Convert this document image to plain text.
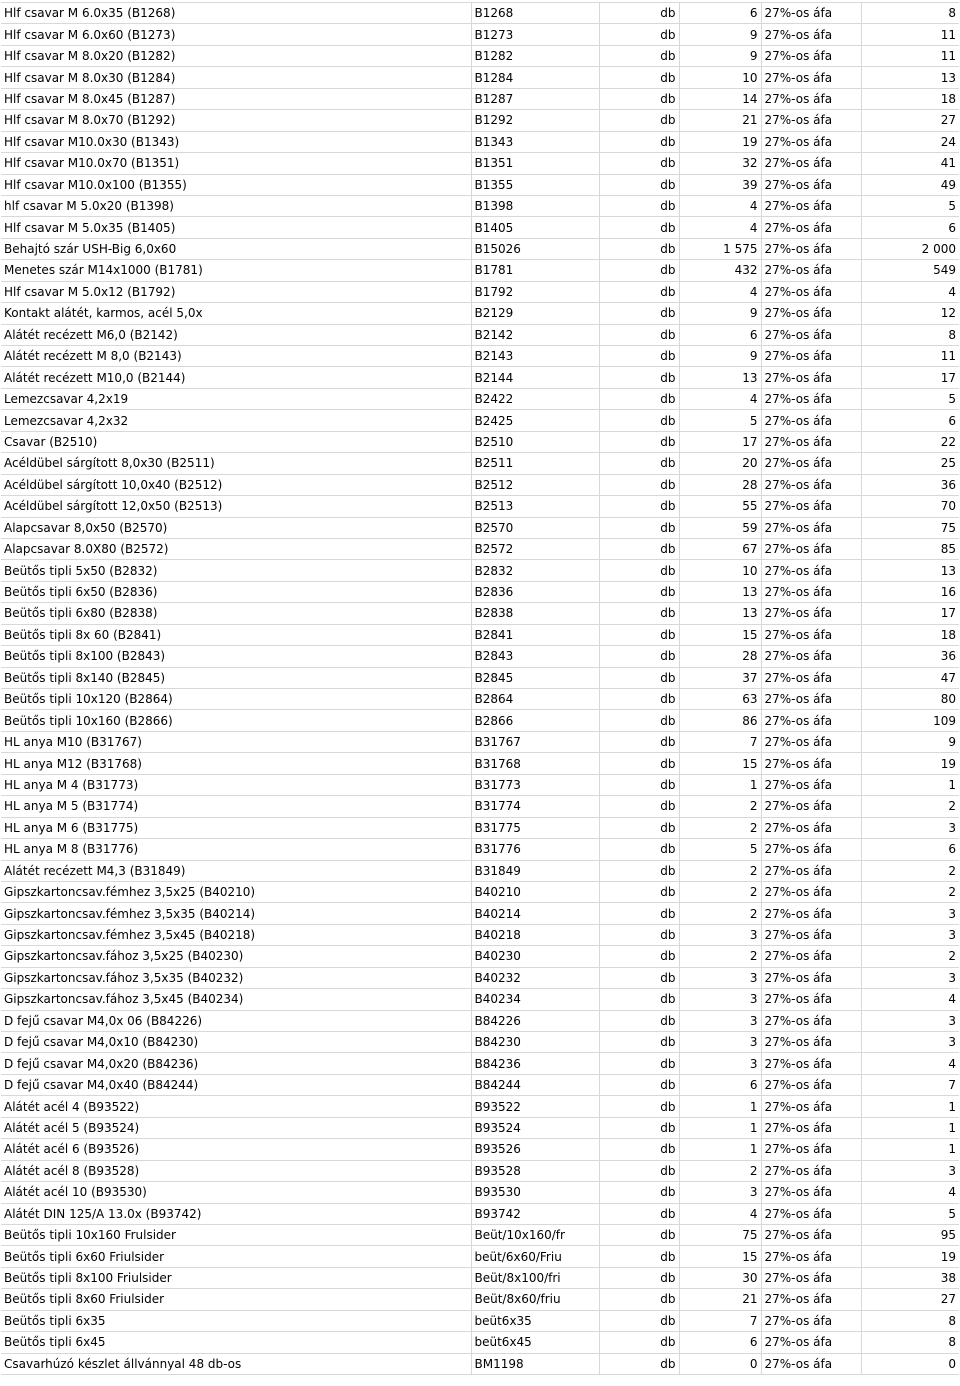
Hlf csavar M 6.0x35 (B1268)	B1268	db	6	27%-os áfa	8
Hlf csavar M 6.0x60 (B1273)	B1273	db	9	27%-os áfa	11
Hlf csavar M 8.0x20 (B1282)	B1282	db	9	27%-os áfa	11
Hlf csavar M 8.0x30 (B1284)	B1284	db	10	27%-os áfa	13
Hlf csavar M 8.0x45 (B1287)	B1287	db	14	27%-os áfa	18
Hlf csavar M 8.0x70 (B1292)	B1292	db	21	27%-os áfa	27
Hlf csavar M10.0x30 (B1343)	B1343	db	19	27%-os áfa	24
Hlf csavar M10.0x70 (B1351)	B1351	db	32	27%-os áfa	41
Hlf csavar M10.0x100 (B1355)	B1355	db	39	27%-os áfa	49
hlf csavar M 5.0x20 (B1398)	B1398	db	4	27%-os áfa	5
Hlf csavar M 5.0x35 (B1405)	B1405	db	4	27%-os áfa	6
Behajtó szár USH-Big 6,0x60	B15026	db	1 575	27%-os áfa	2 000
Menetes szár M14x1000 (B1781)	B1781	db	432	27%-os áfa	549
Hlf csavar M 5.0x12 (B1792)	B1792	db	4	27%-os áfa	4
Kontakt alátét, karmos, acél 5,0x	B2129	db	9	27%-os áfa	12
Alátét recézett M6,0 (B2142)	B2142	db	6	27%-os áfa	8
Alátét recézett M 8,0 (B2143)	B2143	db	9	27%-os áfa	11
Alátét recézett M10,0 (B2144)	B2144	db	13	27%-os áfa	17
Lemezcsavar 4,2x19	B2422	db	4	27%-os áfa	5
Lemezcsavar 4,2x32	B2425	db	5	27%-os áfa	6
Csavar (B2510)	B2510	db	17	27%-os áfa	22
Acéldübel sárgított 8,0x30 (B2511)	B2511	db	20	27%-os áfa	25
Acéldübel sárgított 10,0x40 (B2512)	B2512	db	28	27%-os áfa	36
Acéldübel sárgított 12,0x50 (B2513)	B2513	db	55	27%-os áfa	70
Alapcsavar 8,0x50 (B2570)	B2570	db	59	27%-os áfa	75
Alapcsavar 8.0X80 (B2572)	B2572	db	67	27%-os áfa	85
Beütős tipli 5x50 (B2832)	B2832	db	10	27%-os áfa	13
Beütős tipli 6x50 (B2836)	B2836	db	13	27%-os áfa	16
Beütős tipli 6x80 (B2838)	B2838	db	13	27%-os áfa	17
Beütős tipli 8x 60 (B2841)	B2841	db	15	27%-os áfa	18
Beütős tipli 8x100 (B2843)	B2843	db	28	27%-os áfa	36
Beütős tipli 8x140 (B2845)	B2845	db	37	27%-os áfa	47
Beütős tipli 10x120 (B2864)	B2864	db	63	27%-os áfa	80
Beütős tipli 10x160 (B2866)	B2866	db	86	27%-os áfa	109
HL anya M10 (B31767)	B31767	db	7	27%-os áfa	9
HL anya M12 (B31768)	B31768	db	15	27%-os áfa	19
HL anya M 4 (B31773)	B31773	db	1	27%-os áfa	1
HL anya M 5 (B31774)	B31774	db	2	27%-os áfa	2
HL anya M 6 (B31775)	B31775	db	2	27%-os áfa	3
HL anya M 8 (B31776)	B31776	db	5	27%-os áfa	6
Alátét recézett M4,3 (B31849)	B31849	db	2	27%-os áfa	2
Gipszkartoncsav.fémhez 3,5x25 (B40210)	B40210	db	2	27%-os áfa	2
Gipszkartoncsav.fémhez 3,5x35 (B40214)	B40214	db	2	27%-os áfa	3
Gipszkartoncsav.fémhez 3,5x45 (B40218)	B40218	db	3	27%-os áfa	3
Gipszkartoncsav.fához 3,5x25 (B40230)	B40230	db	2	27%-os áfa	2
Gipszkartoncsav.fához 3,5x35 (B40232)	B40232	db	3	27%-os áfa	3
Gipszkartoncsav.fához 3,5x45 (B40234)	B40234	db	3	27%-os áfa	4
D fejű csavar M4,0x 06 (B84226)	B84226	db	3	27%-os áfa	3
D fejű csavar M4,0x10 (B84230)	B84230	db	3	27%-os áfa	3
D fejű csavar M4,0x20 (B84236)	B84236	db	3	27%-os áfa	4
D fejű csavar M4,0x40 (B84244)	B84244	db	6	27%-os áfa	7
Alátét acél 4 (B93522)	B93522	db	1	27%-os áfa	1
Alátét acél 5 (B93524)	B93524	db	1	27%-os áfa	1
Alátét acél 6 (B93526)	B93526	db	1	27%-os áfa	1
Alátét acél 8 (B93528)	B93528	db	2	27%-os áfa	3
Alátét acél 10 (B93530)	B93530	db	3	27%-os áfa	4
Alátét DIN 125/A 13.0x (B93742)	B93742	db	4	27%-os áfa	5
Beütős tipli 10x160 Frulsider	Beüt/10x160/fr	db	75	27%-os áfa	95
Beütős tipli 6x60 Friulsider	beüt/6x60/Friu	db	15	27%-os áfa	19
Beütős tipli 8x100 Friulsider	Beüt/8x100/fri	db	30	27%-os áfa	38
Beütős tipli 8x60 Friulsider	Beüt/8x60/friu	db	21	27%-os áfa	27
Beütős tipli 6x35	beüt6x35	db	7	27%-os áfa	8
Beütős tipli 6x45	beüt6x45	db	6	27%-os áfa	8
Csavarhúzó készlet állvánnyal 48 db-os	BM1198	db	0	27%-os áfa	0
